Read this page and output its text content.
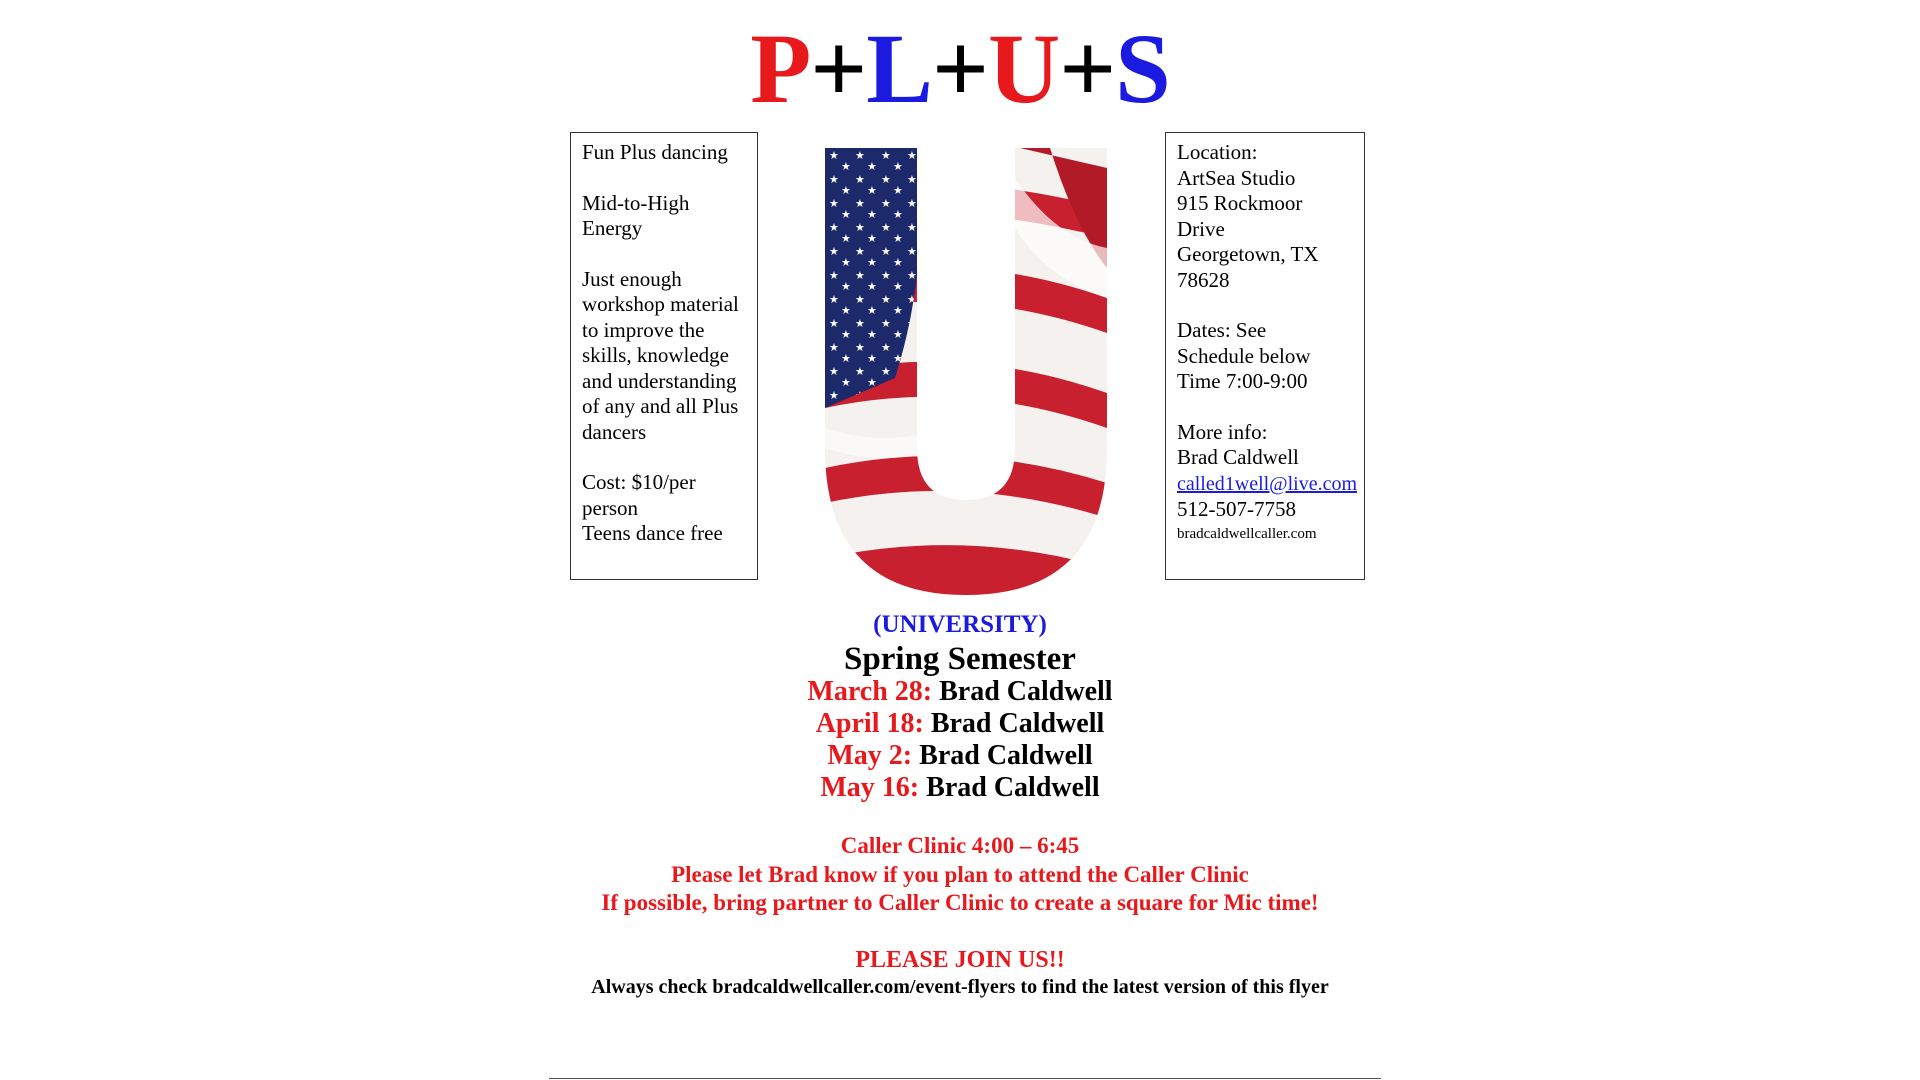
P+L+U+S

Fun Plus dancing

Mid-to-High

Energy

Just enough

workshop material

to improve the

skills, knowledge

and understanding

of any and all Plus

dancers

Cost: $10/per

person

Teens dance free

Location:

ArtSea Studio

915 Rockmoor

Drive

Georgetown, TX

78628

Dates: See

Schedule below

Time 7:00-9:00

More info:

Brad Caldwell

called1well@live.com

512-507-7758

bradcaldwellcaller.com

(UNIVERSITY)
Spring Semester
March 28: Brad Caldwell
April 18: Brad Caldwell
May 2: Brad Caldwell
May 16: Brad Caldwell
Caller Clinic 4:00 – 6:45
Please let Brad know if you plan to attend the Caller Clinic
If possible, bring partner to Caller Clinic to create a square for Mic time!
PLEASE JOIN US!!
Always check bradcaldwellcaller.com/event-flyers to find the latest version of this flyer
